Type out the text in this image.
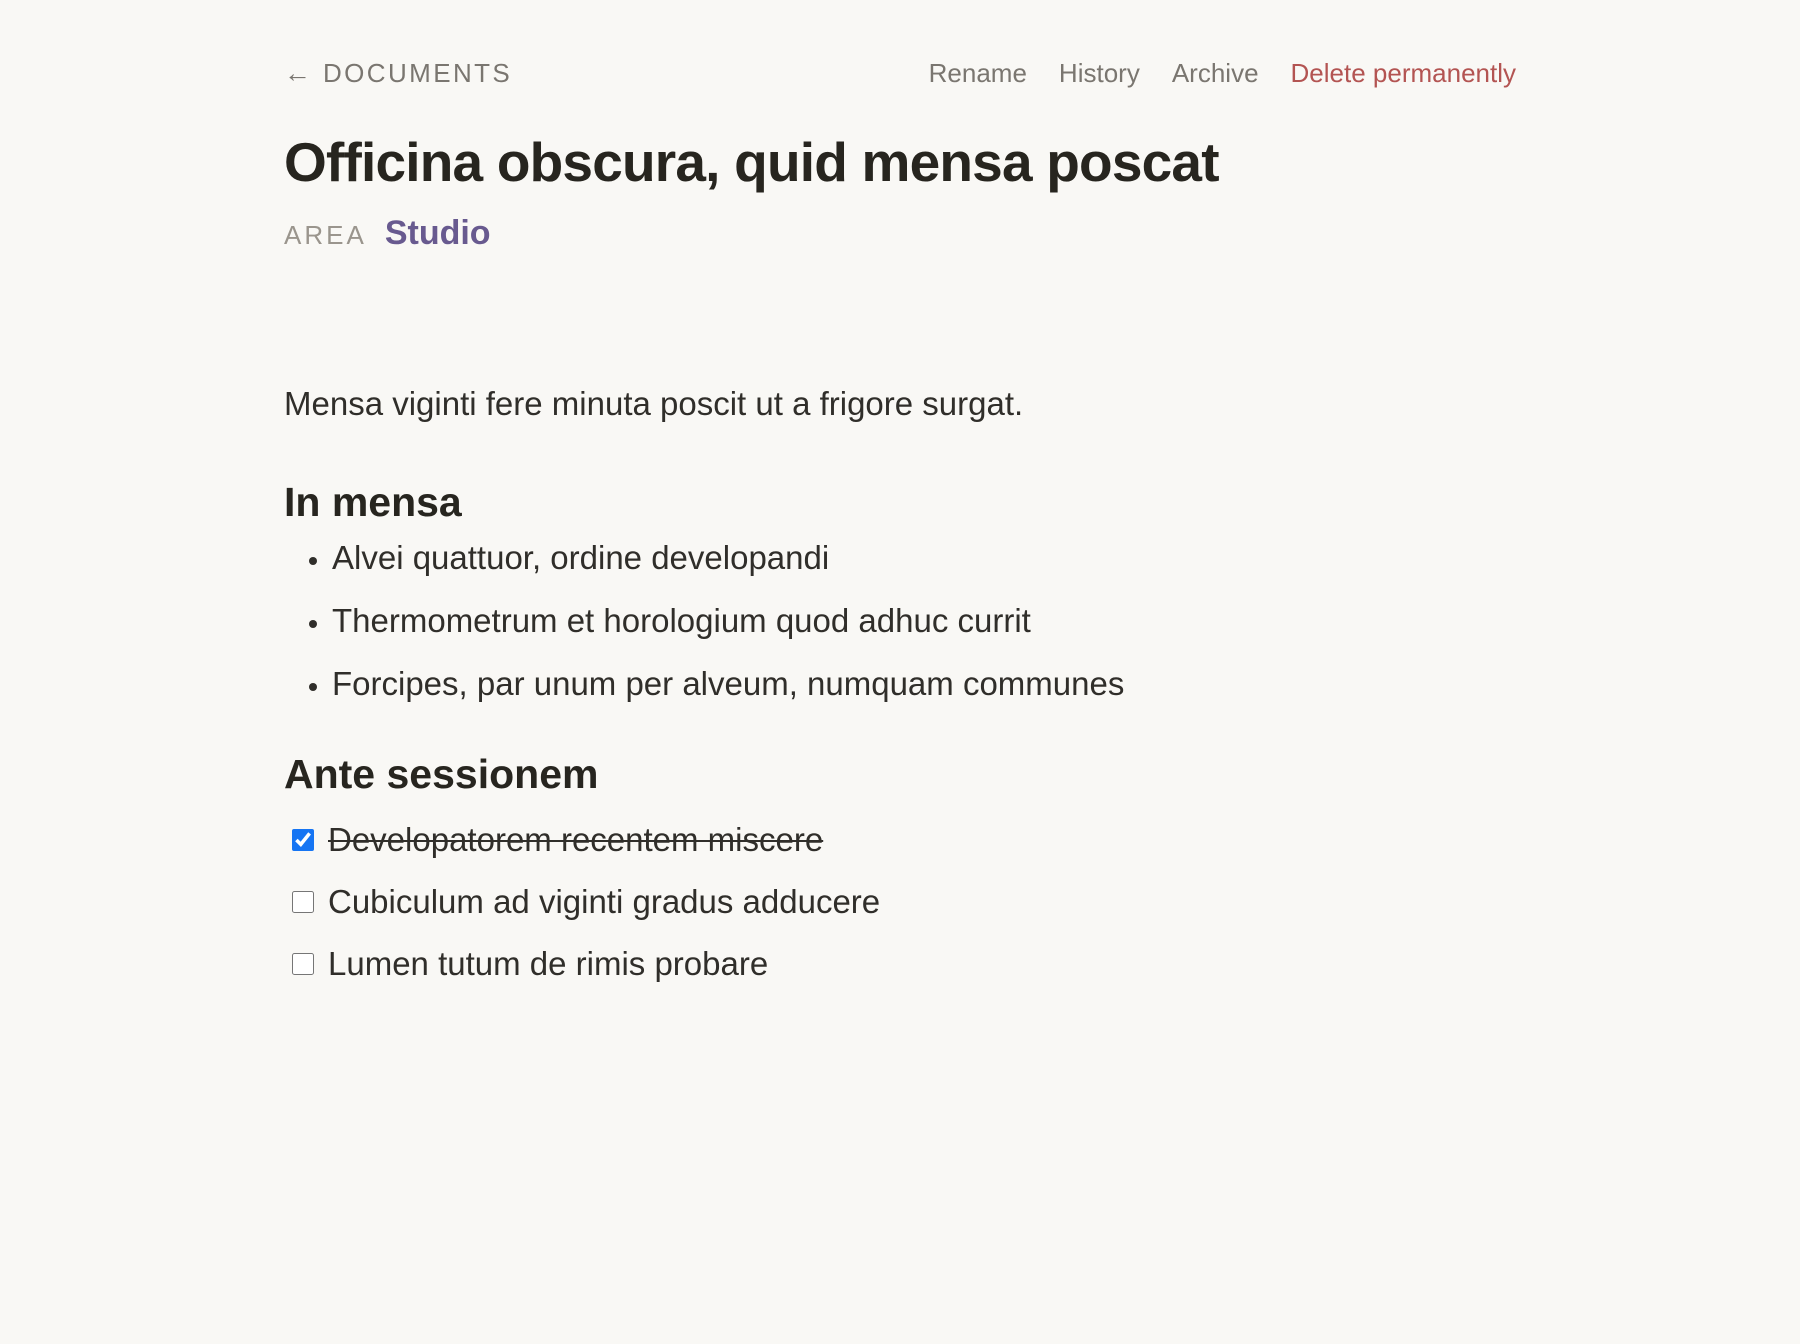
← DOCUMENTS	Rename History Archive Delete permanently
Officina obscura, quid mensa poscat
AREA Studio

Mensa viginti fere minuta poscit ut a frigore surgat.

In mensa
• Alvei quattuor, ordine developandi
• Thermometrum et horologium quod adhuc currit
• Forcipes, par unum per alveum, numquam communes
Ante sessionem
Developatorem recentem miscere
Cubiculum ad viginti gradus adducere
Lumen tutum de rimis probare
